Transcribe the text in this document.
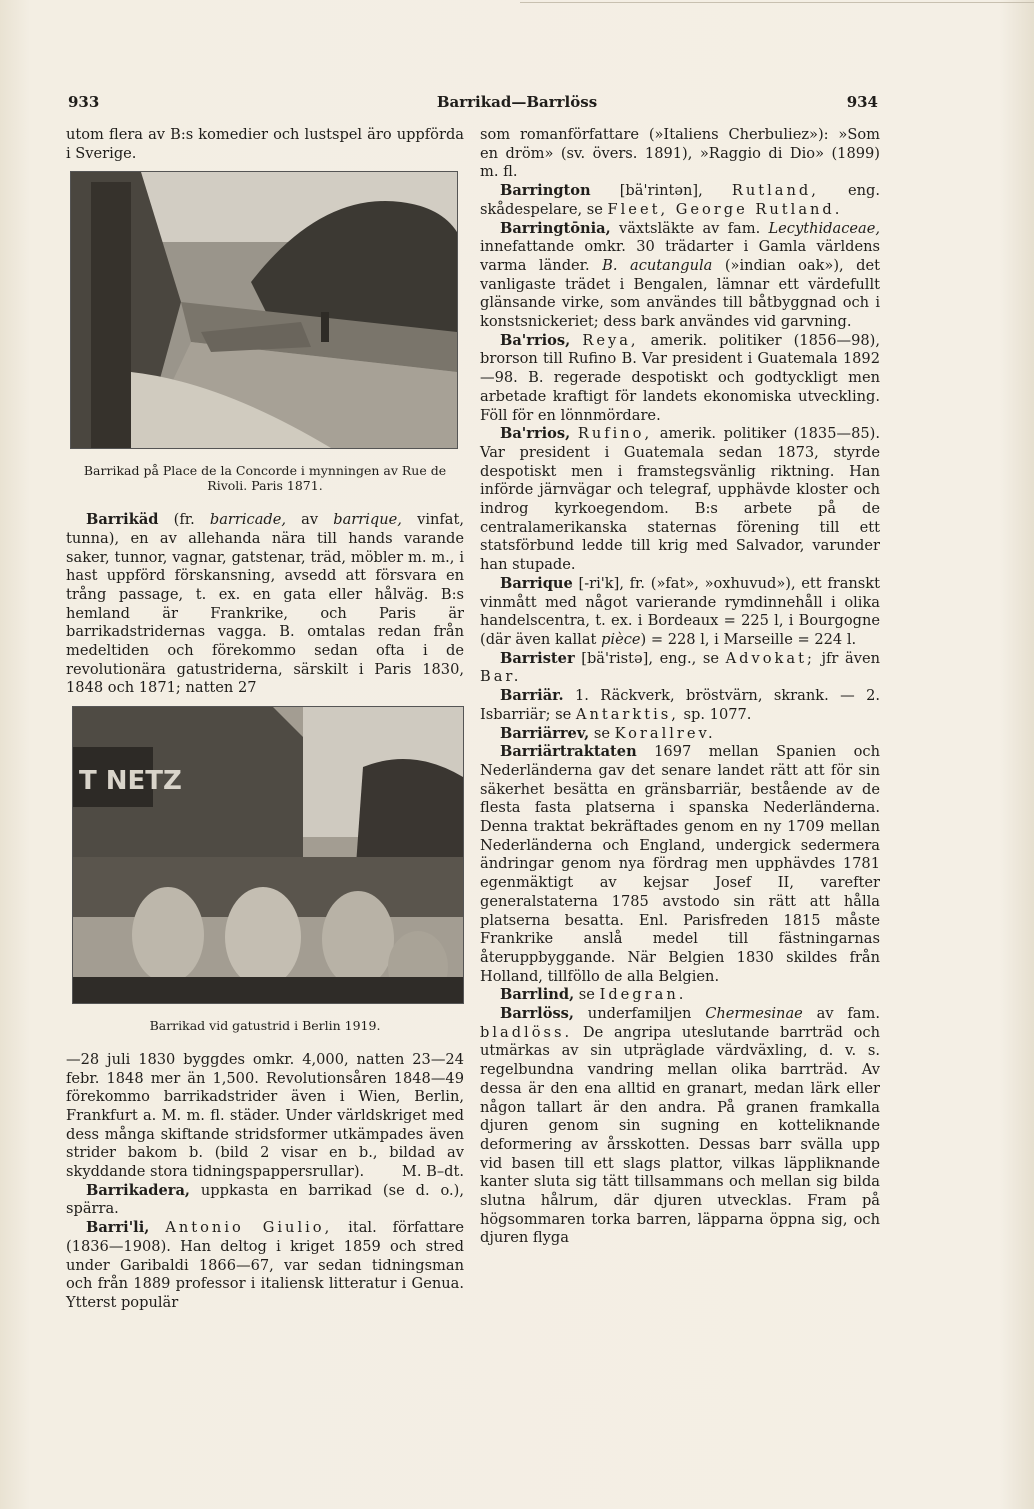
933	Barrikad—Barrlöss	934

utom flera av B:s komedier och lustspel äro uppförda i Sverige.

Barrikad på Place de la Concorde i mynningen av Rue de Rivoli. Paris 1871.

Barrikäd (fr. barricade, av barrique, vinfat, tunna), en av allehanda nära till hands varande saker, tunnor, vagnar, gatstenar, träd, möbler m. m., i hast uppförd förskansning, avsedd att försvara en trång passage, t. ex. en gata eller hålväg. B:s hemland är Frankrike, och Paris är barrikadstridernas vagga. B. omtalas redan från medeltiden och förekommo sedan ofta i de revolutionära gatustriderna, särskilt i Paris 1830, 1848 och 1871; natten 27

T NETZ
Barrikad vid gatustrid i Berlin 1919.

—28 juli 1830 byggdes omkr. 4,000, natten 23—24 febr. 1848 mer än 1,500. Revolutionsåren 1848—49 förekommo barrikadstrider även i Wien, Berlin, Frankfurt a. M. m. fl. städer. Under världskriget med dess många skiftande stridsformer utkämpades även strider bakom b. (bild 2 visar en b., bildad av skyddande stora tidningspappersrullar).	M. B–dt.

Barrikadera, uppkasta en barrikad (se d. o.), spärra.

Barri'li, Antonio Giulio, ital. författare (1836—1908). Han deltog i kriget 1859 och stred under Garibaldi 1866—67, var sedan tidningsman och från 1889 professor i italiensk litteratur i Genua. Ytterst populär

som romanförfattare (»Italiens Cherbuliez»): »Som en dröm» (sv. övers. 1891), »Raggio di Dio» (1899) m. fl.

Barrington [bä'rintən], Rutland, eng. skådespelare, se Fleet, George Rutland.

Barringtōnia, växtsläkte av fam. Lecythidaceae, innefattande omkr. 30 trädarter i Gamla världens varma länder. B. acutangula (»indian oak»), det vanligaste trädet i Bengalen, lämnar ett värdefullt glänsande virke, som användes till båtbyggnad och i konstsnickeriet; dess bark användes vid garvning.

Ba'rrios, Reya, amerik. politiker (1856—98), brorson till Rufino B. Var president i Guatemala 1892—98. B. regerade despotiskt och godtyckligt men arbetade kraftigt för landets ekonomiska utveckling. Föll för en lönnmördare.

Ba'rrios, Rufino, amerik. politiker (1835—85). Var president i Guatemala sedan 1873, styrde despotiskt men i framstegsvänlig riktning. Han införde järnvägar och telegraf, upphävde kloster och indrog kyrkoegendom. B:s arbete på de centralamerikanska staternas förening till ett statsförbund ledde till krig med Salvador, varunder han stupade.

Barrique [-ri'k], fr. (»fat», »oxhuvud»), ett franskt vinmått med något varierande rymdinnehåll i olika handelscentra, t. ex. i Bordeaux = 225 l, i Bourgogne (där även kallat pièce) = 228 l, i Marseille = 224 l.

Barrister [bä'ristə], eng., se Advokat; jfr även Bar.

Barriär. 1. Räckverk, bröstvärn, skrank. — 2. Isbarriär; se Antarktis, sp. 1077.

Barriärrev, se Korallrev.

Barriärtraktaten 1697 mellan Spanien och Nederländerna gav det senare landet rätt att för sin säkerhet besätta en gränsbarriär, bestående av de flesta fasta platserna i spanska Nederländerna. Denna traktat bekräftades genom en ny 1709 mellan Nederländerna och England, undergick sedermera ändringar genom nya fördrag men upphävdes 1781 egenmäktigt av kejsar Josef II, varefter generalstaterna 1785 avstodo sin rätt att hålla platserna besatta. Enl. Parisfreden 1815 måste Frankrike anslå medel till fästningarnas återuppbyggande. När Belgien 1830 skildes från Holland, tillföllo de alla Belgien.

Barrlind, se Idegran.

Barrlöss, underfamiljen Chermesinae av fam. bladlöss. De angripa uteslutande barrträd och utmärkas av sin utpräglade värdväxling, d. v. s. regelbundna vandring mellan olika barrträd. Av dessa är den ena alltid en granart, medan lärk eller någon tallart är den andra. På granen framkalla djuren genom sin sugning en kotteliknande deformering av årsskotten. Dessas barr svälla upp vid basen till ett slags plattor, vilkas läppliknande kanter sluta sig tätt tillsammans och mellan sig bilda slutna hålrum, där djuren utvecklas. Fram på högsommaren torka barren, läpparna öppna sig, och djuren flyga
